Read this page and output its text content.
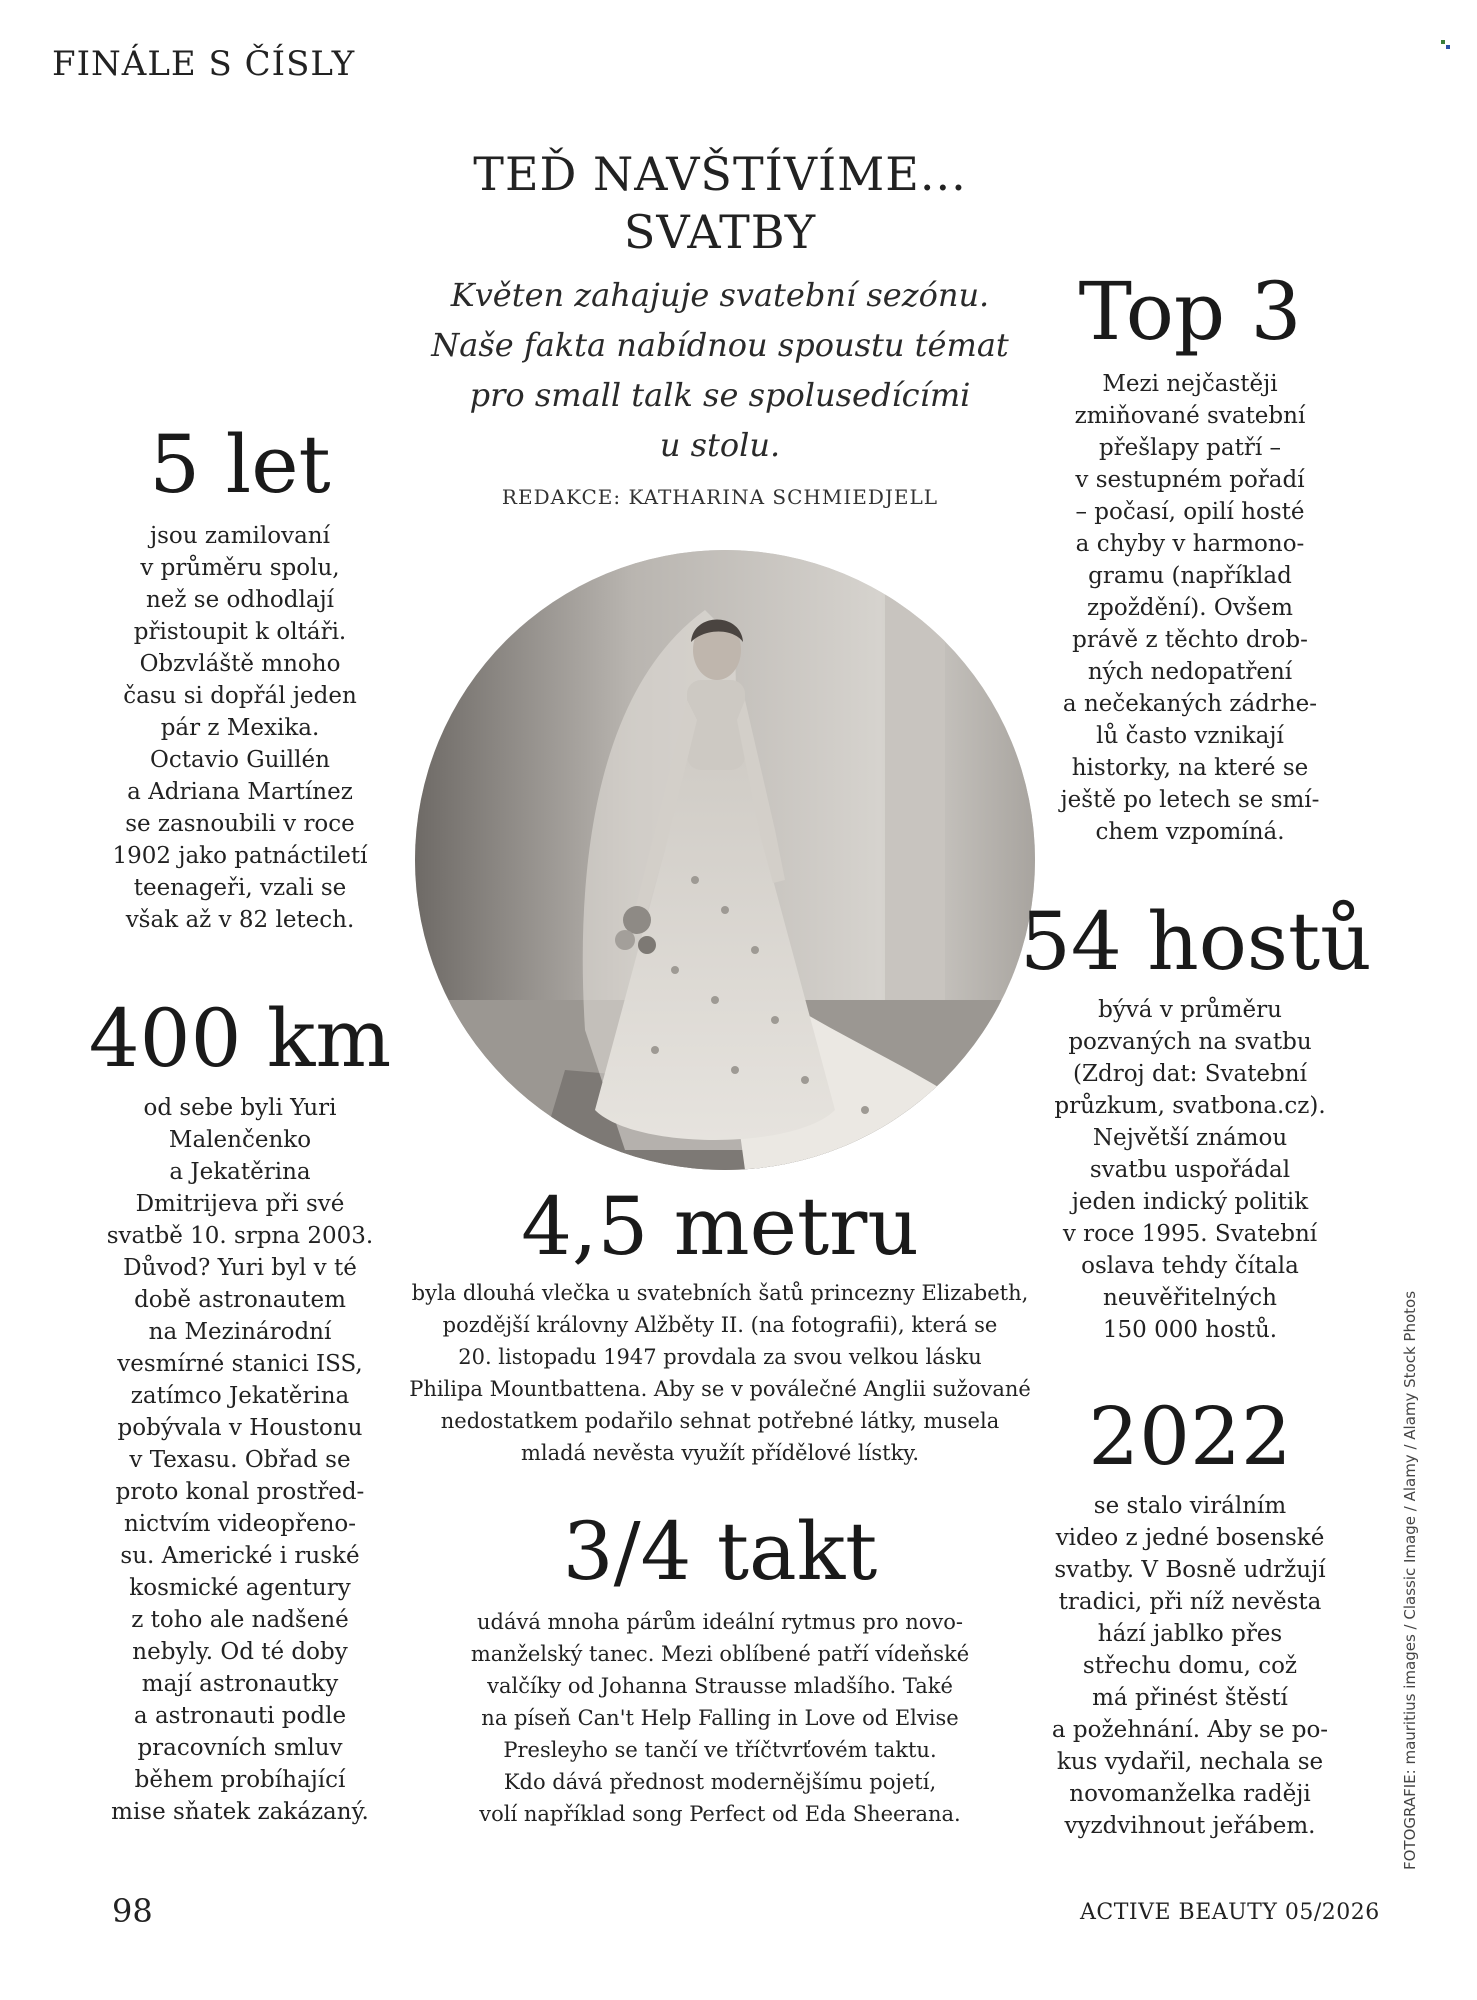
FINÁLE S ČÍSLY
TEĎ NAVŠTÍVÍME...
SVATBY
Květen zahajuje svatební sezónu.
Naše fakta nabídnou spoustu témat
pro small talk se spolusedícími
u stolu.
REDAKCE: KATHARINA SCHMIEDJELL
5 let
jsou zamilovaní
v průměru spolu,
než se odhodlají
přistoupit k oltáři.
Obzvláště mnoho
času si dopřál jeden
pár z Mexika.
Octavio Guillén
a Adriana Martínez
se zasnoubili v roce
1902 jako patnáctiletí
teenageři, vzali se
však až v 82 letech.
400 km
od sebe byli Yuri
Malenčenko
a Jekatěrina
Dmitrijeva při své
svatbě 10. srpna 2003.
Důvod? Yuri byl v té
době astronautem
na Mezinárodní
vesmírné stanici ISS,
zatímco Jekatěrina
pobývala v Houstonu
v Texasu. Obřad se
proto konal prostřed-
nictvím videopřeno-
su. Americké i ruské
kosmické agentury
z toho ale nadšené
nebyly. Od té doby
mají astronautky
a astronauti podle
pracovních smluv
během probíhající
mise sňatek zakázaný.
Top 3
Mezi nejčastěji
zmiňované svatební
přešlapy patří –
v sestupném pořadí
– počasí, opilí hosté
a chyby v harmono-
gramu (například
zpoždění). Ovšem
právě z těchto drob-
ných nedopatření
a nečekaných zádrhe-
lů často vznikají
historky, na které se
ještě po letech se smí-
chem vzpomíná.
54 hostů
bývá v průměru
pozvaných na svatbu
(Zdroj dat: Svatební
průzkum, svatbona.cz).
Největší známou
svatbu uspořádal
jeden indický politik
v roce 1995. Svatební
oslava tehdy čítala
neuvěřitelných
150 000 hostů.
4,5 metru
byla dlouhá vlečka u svatebních šatů princezny Elizabeth,
pozdější královny Alžběty II. (na fotografii), která se
20. listopadu 1947 provdala za svou velkou lásku
Philipa Mountbattena. Aby se v poválečné Anglii sužované
nedostatkem podařilo sehnat potřebné látky, musela
mladá nevěsta využít přídělové lístky.
3/4 takt
udává mnoha párům ideální rytmus pro novo-
manželský tanec. Mezi oblíbené patří vídeňské
valčíky od Johanna Strausse mladšího. Také
na píseň Can't Help Falling in Love od Elvise
Presleyho se tančí ve tříčtvrťovém taktu.
Kdo dává přednost modernějšímu pojetí,
volí například song Perfect od Eda Sheerana.
2022
se stalo virálním
video z jedné bosenské
svatby. V Bosně udržují
tradici, při níž nevěsta
hází jablko přes
střechu domu, což
má přinést štěstí
a požehnání. Aby se po-
kus vydařil, nechala se
novomanželka raději
vyzdvihnout jeřábem.	FOTOGRAFIE: mauritius images / Classic Image / Alamy / Alamy Stock Photos
98	ACTIVE BEAUTY 05/2026
